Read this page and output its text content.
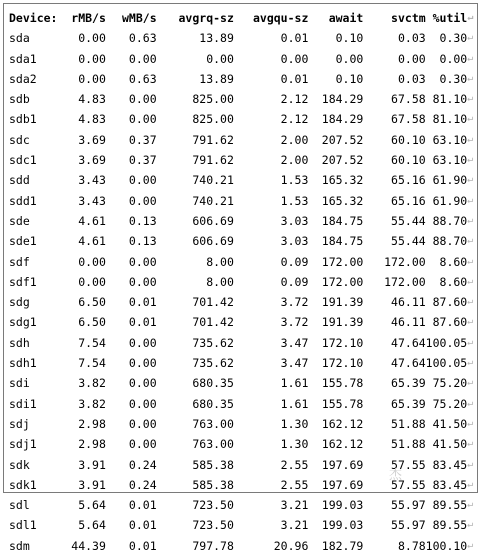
Device:	rMB/s	wMB/s	avgrq-sz	avgqu-sz	await	svctm	%util	↵
sda	0.00	0.63	13.89	0.01	0.10	0.03	0.30	↵
sda1	0.00	0.00	0.00	0.00	0.00	0.00	0.00	↵
sda2	0.00	0.63	13.89	0.01	0.10	0.03	0.30	↵
sdb	4.83	0.00	825.00	2.12	184.29	67.58	81.10	↵
sdb1	4.83	0.00	825.00	2.12	184.29	67.58	81.10	↵
sdc	3.69	0.37	791.62	2.00	207.52	60.10	63.10	↵
sdc1	3.69	0.37	791.62	2.00	207.52	60.10	63.10	↵
sdd	3.43	0.00	740.21	1.53	165.32	65.16	61.90	↵
sdd1	3.43	0.00	740.21	1.53	165.32	65.16	61.90	↵
sde	4.61	0.13	606.69	3.03	184.75	55.44	88.70	↵
sde1	4.61	0.13	606.69	3.03	184.75	55.44	88.70	↵
sdf	0.00	0.00	8.00	0.09	172.00	172.00	8.60	↵
sdf1	0.00	0.00	8.00	0.09	172.00	172.00	8.60	↵
sdg	6.50	0.01	701.42	3.72	191.39	46.11	87.60	↵
sdg1	6.50	0.01	701.42	3.72	191.39	46.11	87.60	↵
sdh	7.54	0.00	735.62	3.47	172.10	47.64	100.05	↵
sdh1	7.54	0.00	735.62	3.47	172.10	47.64	100.05	↵
sdi	3.82	0.00	680.35	1.61	155.78	65.39	75.20	↵
sdi1	3.82	0.00	680.35	1.61	155.78	65.39	75.20	↵
sdj	2.98	0.00	763.00	1.30	162.12	51.88	41.50	↵
sdj1	2.98	0.00	763.00	1.30	162.12	51.88	41.50	↵
sdk	3.91	0.24	585.38	2.55	197.69	57.55	83.45	↵
sdk1	3.91	0.24	585.38	2.55	197.69	57.55	83.45	↵
sdl	5.64	0.01	723.50	3.21	199.03	55.97	89.55	↵
sdl1	5.64	0.01	723.50	3.21	199.03	55.97	89.55	↵
sdm	44.39	0.01	797.78	20.96	182.79	8.78	100.10	↵
杰
